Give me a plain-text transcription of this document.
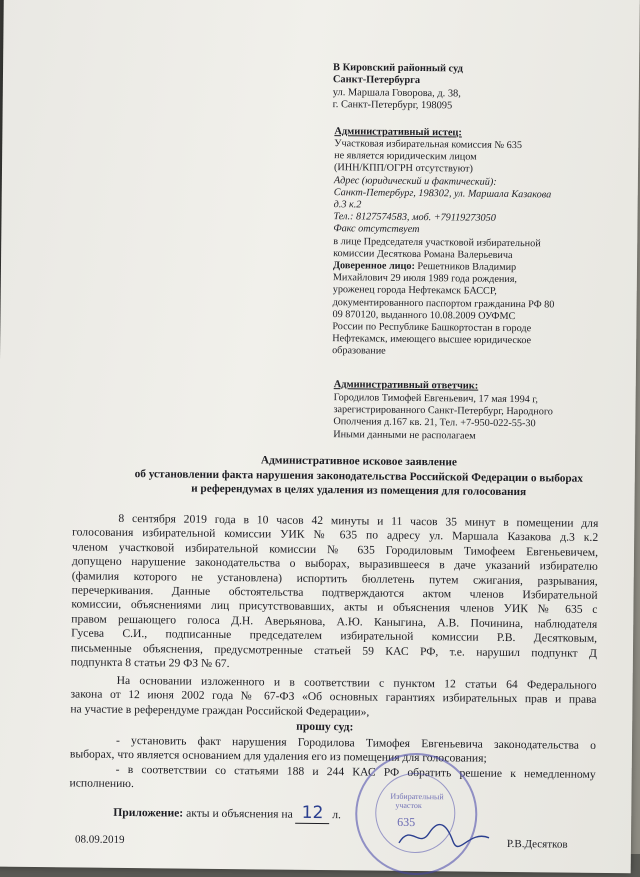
В Кировский районный суд
Санкт-Петербурга
ул. Маршала Говорова, д. 38,
г. Санкт-Петербург, 198095
Административный истец:
Участковая избирательная комиссия № 635
не является юридическим лицом
(ИНН/КПП/ОГРН отсутствуют)
Адрес (юридический и фактический):
Санкт-Петербург, 198302, ул. Маршала Казакова
д.3 к.2
Тел.: 8127574583, моб. +79119273050
Факс отсутствует
в лице Председателя участковой избирательной
комиссии Десяткова Романа Валерьевича
Доверенное лицо: Решетников Владимир
Михайлович 29 июля 1989 года рождения,
уроженец города Нефтекамск БАССР,
документированного паспортом гражданина РФ 80
09 870120, выданного 10.08.2009 ОУФМС
России по Республике Башкортостан в городе
Нефтекамск, имеющего высшее юридическое
образование
Административный ответчик:
Городилов Тимофей Евгеньевич, 17 мая 1994 г,
зарегистрированного Санкт-Петербург, Народного
Ополчения д.167 кв. 21, Тел. +7-950-022-55-30
Иными данными не располагаем
Административное исковое заявление
об установлении факта нарушения законодательства Российской Федерации о выборах
и референдумах в целях удаления из помещения для голосования
8 сентября 2019 года в 10 часов 42 минуты и 11 часов 35 минут в помещении для
голосования избирательной комиссии УИК № 635 по адресу ул. Маршала Казакова д.3 к.2
членом участковой избирательной комиссии № 635 Городиловым Тимофеем Евгеньевичем,
допущено нарушение законодательства о выборах, выразившееся в даче указаний избирателю
(фамилия которого не установлена) испортить бюллетень путем сжигания, разрывания,
перечеркивания. Данные обстоятельства подтверждаются актом членов Избирательной
комиссии, объяснениями лиц присутствовавших, акты и объяснения членов УИК № 635 с
правом решающего голоса Д.Н. Аверьянова, А.Ю. Каныгина, А.В. Починина, наблюдателя
Гусева С.И., подписанные председателем избирательной комиссии Р.В. Десятковым,
письменные объяснения, предусмотренные статьей 59 КАС РФ, т.е. нарушил подпункт Д
подпункта 8 статьи 29 ФЗ № 67.
На основании изложенного и в соответствии с пунктом 12 статьи 64 Федерального
закона от 12 июня 2002 года № 67-ФЗ «Об основных гарантиях избирательных прав и права
на участие в референдуме граждан Российской Федерации»,
прошу суд:
- установить факт нарушения Городилова Тимофея Евгеньевича законодательства о
выборах, что является основанием для удаления его из помещения для голосования;
- в соответствии со статьями 188 и 244 КАС РФ обратить решение к немедленному
исполнению.
Избирательный
участок
635
Приложение: акты и объяснения на 12 л.
08.09.2019	Р.В.Десятков
